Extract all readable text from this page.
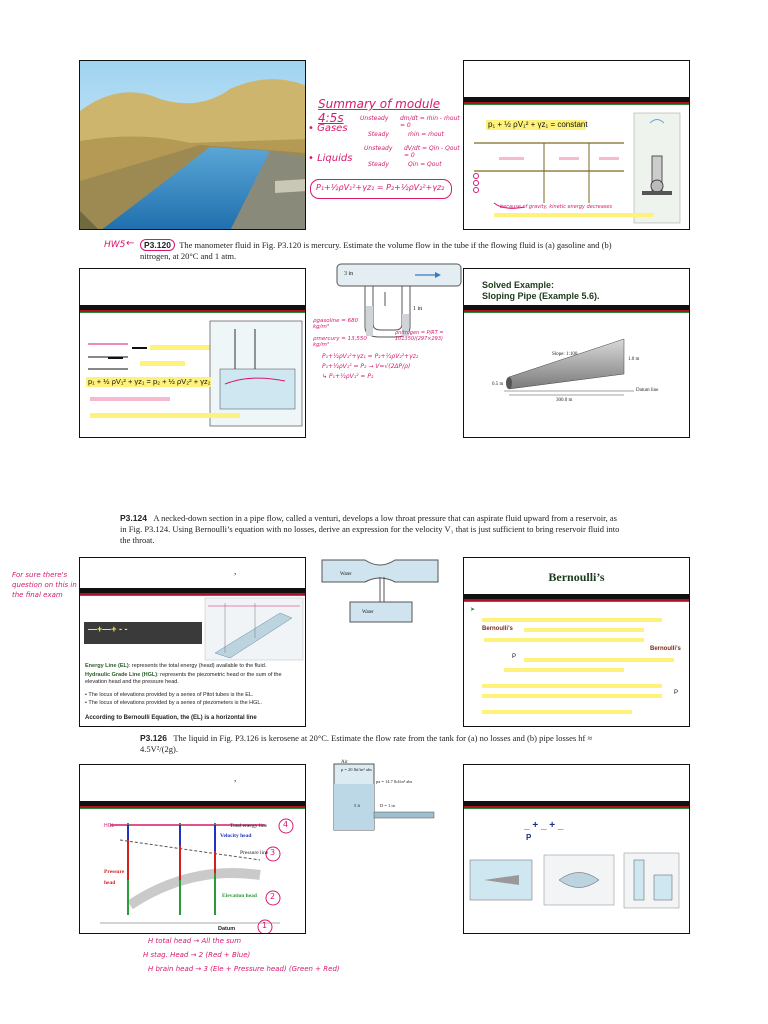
Summary of module 4:5s
• Gases
Unsteady dm/dt = ṁin - ṁout = 0
Steady	ṁin = ṁout
• Liquids
Unsteady dV/dt = Qin - Qout = 0
Steady	Qin = Qout
P₁+½ρV₁²+γz₁ = P₂+½ρV₂²+γz₂
p₁ + ½ ρV₁² + γz₁ = constant
because of gravity, kinetic energy decreases
HW5 ←	P3.120 The manometer fluid in Fig. P3.120 is mercury. Estimate the volume flow in the tube if the flowing fluid is (a) gasoline and (b) nitrogen, at 20°C and 1 atm.
p₁ + ½ ρV₁² + γz₁ = p₂ + ½ ρV₂² + γz₂
3 in
1 in
ρgasoline = 680 kg/m³
ρmercury = 13,550 kg/m³
ρnitrogen = P/RT = 101350/(297×293)
P₁+½ρV₁²+γz₁ = P₂+½ρV₂²+γz₂
P₁+½ρV₁² = P₂ → V=√(2ΔP/ρ)
↳ P₁+½ρV₁² = P₂
Solved Example:
Sloping Pipe (Example 5.6).
Slope: 1:100
0.5 m
1.0 m
300.0 m
Datum line
P3.124 A necked-down section in a pipe flow, called a venturi, develops a low throat pressure that can aspirate fluid upward from a reservoir, as in Fig. P3.124. Using Bernoulli’s equation with no losses, derive an expression for the velocity V₁ that is just sufficient to bring reservoir fluid into the throat.
For sure there's question on this in the final exam
,
―+―+ - -
Energy Line (EL): represents the total energy (head) available to the fluid.
Hydraulic Grade Line (HGL): represents the piezometric head or the sum of the elevation head and the pressure head.
• The locus of elevations provided by a series of Pitot tubes is the EL.
• The locus of elevations provided by a series of piezometers is the HGL.
According to Bernoulli Equation, the (EL) is a horizontal line
Water
Water
Bernoulli’s
➤
Bernoulli’s
Bernoulli’s
P
P
P3.126 The liquid in Fig. P3.126 is kerosene at 20°C. Estimate the flow rate from the tank for (a) no losses and (b) pipe losses hf ≈ 4.5V²/(2g).
,
HGL	Total energy line
Velocity head
Pressure line
Pressure head
Elevation head
Datum
4
3
2
1
Air
p = 20 lbf/in² abs
pa = 14.7 lbf/in² abs
5 ft	D = 1 in
H total head → All the sum
H stag. Head → 2 (Red + Blue)
H brain head → 3 (Ele + Pressure head) (Green + Red)
_ + _ + _
P
